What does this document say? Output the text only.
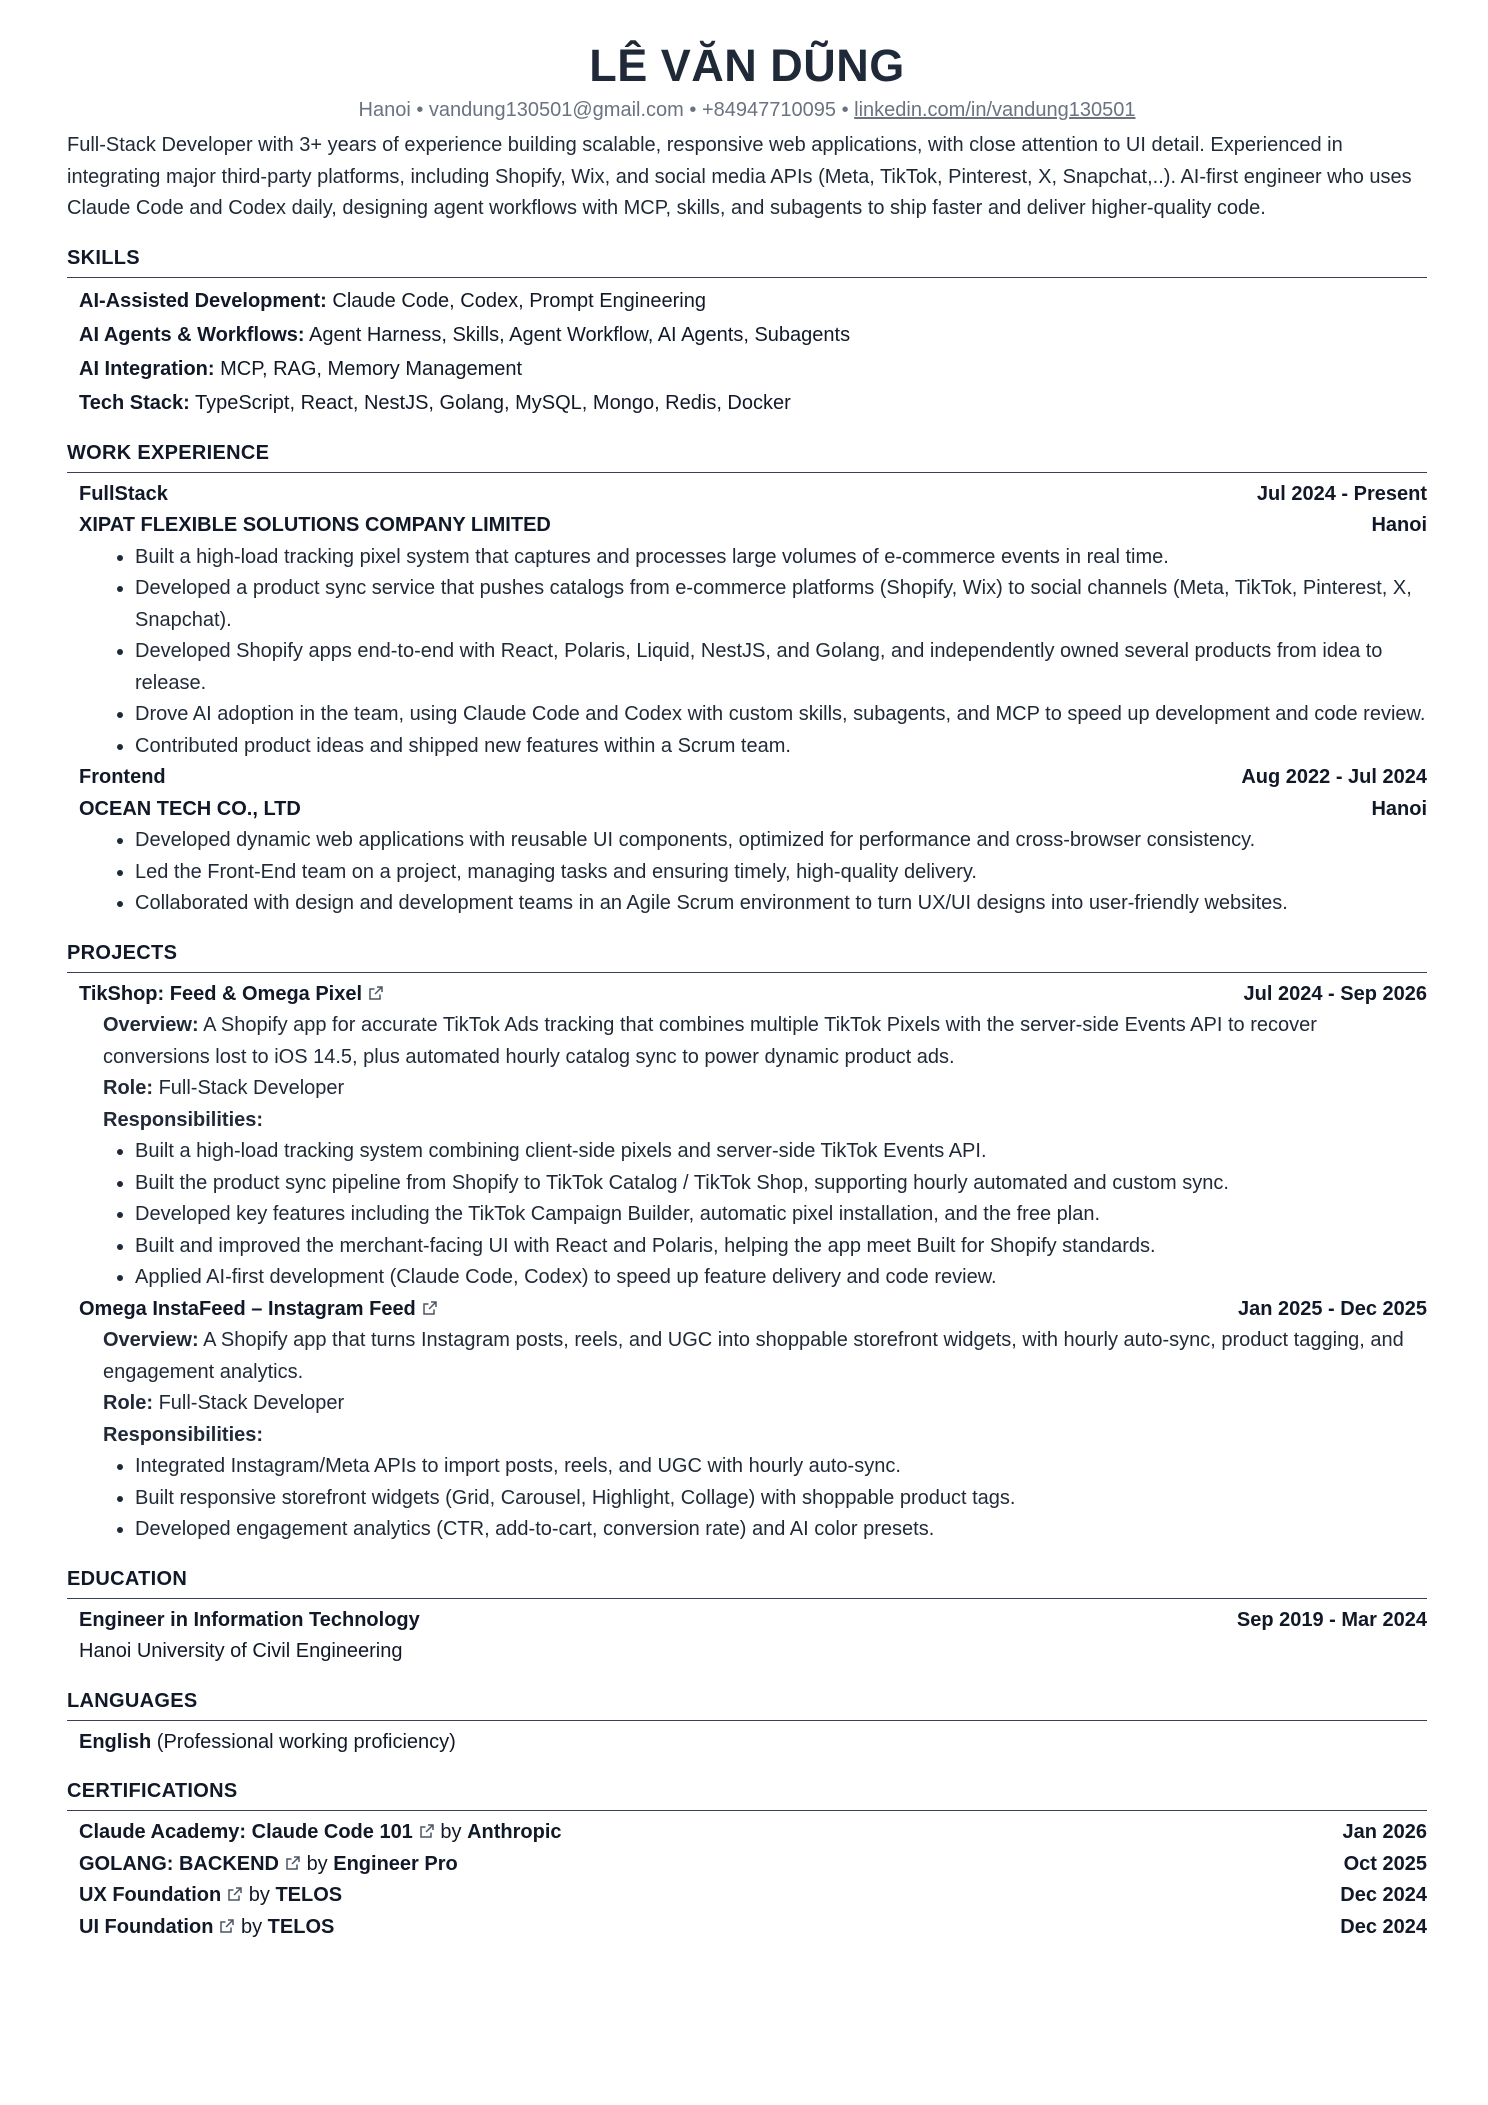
LÊ VĂN DŨNG
Hanoi • vandung130501@gmail.com • +84947710095 • linkedin.com/in/vandung130501
Full-Stack Developer with 3+ years of experience building scalable, responsive web applications, with close attention to UI detail. Experienced in integrating major third-party platforms, including Shopify, Wix, and social media APIs (Meta, TikTok, Pinterest, X, Snapchat,..). AI-first engineer who uses Claude Code and Codex daily, designing agent workflows with MCP, skills, and subagents to ship faster and deliver higher-quality code.
SKILLS
AI-Assisted Development: Claude Code, Codex, Prompt Engineering
AI Agents & Workflows: Agent Harness, Skills, Agent Workflow, AI Agents, Subagents
AI Integration: MCP, RAG, Memory Management
Tech Stack: TypeScript, React, NestJS, Golang, MySQL, Mongo, Redis, Docker
WORK EXPERIENCE
FullStack	Jul 2024 - Present
XIPAT FLEXIBLE SOLUTIONS COMPANY LIMITED	Hanoi
• Built a high-load tracking pixel system that captures and processes large volumes of e-commerce events in real time.
• Developed a product sync service that pushes catalogs from e-commerce platforms (Shopify, Wix) to social channels (Meta, TikTok, Pinterest, X, Snapchat).
• Developed Shopify apps end-to-end with React, Polaris, Liquid, NestJS, and Golang, and independently owned several products from idea to release.
• Drove AI adoption in the team, using Claude Code and Codex with custom skills, subagents, and MCP to speed up development and code review.
• Contributed product ideas and shipped new features within a Scrum team.
Frontend	Aug 2022 - Jul 2024
OCEAN TECH CO., LTD	Hanoi
• Developed dynamic web applications with reusable UI components, optimized for performance and cross-browser consistency.
• Led the Front-End team on a project, managing tasks and ensuring timely, high-quality delivery.
• Collaborated with design and development teams in an Agile Scrum environment to turn UX/UI designs into user-friendly websites.
PROJECTS
TikShop: Feed & Omega Pixel	Jul 2024 - Sep 2026
Overview: A Shopify app for accurate TikTok Ads tracking that combines multiple TikTok Pixels with the server-side Events API to recover conversions lost to iOS 14.5, plus automated hourly catalog sync to power dynamic product ads.
Role: Full-Stack Developer
Responsibilities:
• Built a high-load tracking system combining client-side pixels and server-side TikTok Events API.
• Built the product sync pipeline from Shopify to TikTok Catalog / TikTok Shop, supporting hourly automated and custom sync.
• Developed key features including the TikTok Campaign Builder, automatic pixel installation, and the free plan.
• Built and improved the merchant-facing UI with React and Polaris, helping the app meet Built for Shopify standards.
• Applied AI-first development (Claude Code, Codex) to speed up feature delivery and code review.
Omega InstaFeed – Instagram Feed	Jan 2025 - Dec 2025
Overview: A Shopify app that turns Instagram posts, reels, and UGC into shoppable storefront widgets, with hourly auto-sync, product tagging, and engagement analytics.
Role: Full-Stack Developer
Responsibilities:
• Integrated Instagram/Meta APIs to import posts, reels, and UGC with hourly auto-sync.
• Built responsive storefront widgets (Grid, Carousel, Highlight, Collage) with shoppable product tags.
• Developed engagement analytics (CTR, add-to-cart, conversion rate) and AI color presets.
EDUCATION
Engineer in Information Technology	Sep 2019 - Mar 2024
Hanoi University of Civil Engineering
LANGUAGES
English (Professional working proficiency)
CERTIFICATIONS
Claude Academy: Claude Code 101 by Anthropic	Jan 2026
GOLANG: BACKEND by Engineer Pro	Oct 2025
UX Foundation by TELOS	Dec 2024
UI Foundation by TELOS	Dec 2024
